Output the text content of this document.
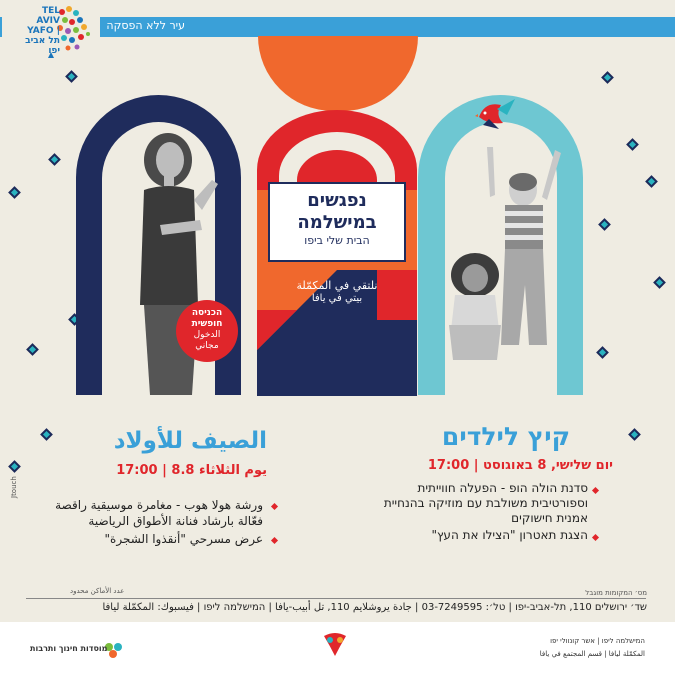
עיר ללא הפסקה
TEL AVIV YAFO | תל אביב יפו
נפגשים
במישלמה
הבית שלי ביפו
نلتقي في المكمّلة
بيتي في يافا
הכניסה
חופשית
الدخول
مجاني
קיץ לילדים
יום שלישי, 8 באוגוסט | 17:00
סדנת הולה הופ - הפעלה חווייתית
וספורטיבית משולבת עם מוזיקה בהנחיית
אמנית חישוקים
הצגת תאטרון "הצילו את העץ"
الصيف للأولاد
يوم الثلاثاء 8.8 | 17:00
ورشة هولا هوب - مغامرة موسيقية راقصة
فعّالة بارشاد فنانة الأطواق الرياضية
عرض مسرحي "أنقذوا الشجرة"
Jtouch
מס׳ המקומות מוגבל
عدد الأماكن محدود
שד׳ ירושלים 110, תל-אביב-יפו | טל׳: 03-7249595 | جادة يروشلايم 110, تل أبيب-يافا | המישלמה ליפו | فيسبوك: المكمّلة ليافا
המישלמה ליפו | אשר קונוולי יפו
المكمّلة ليافا | قسم المجتمع في يافا
מוסדות חינוך ותרבות
